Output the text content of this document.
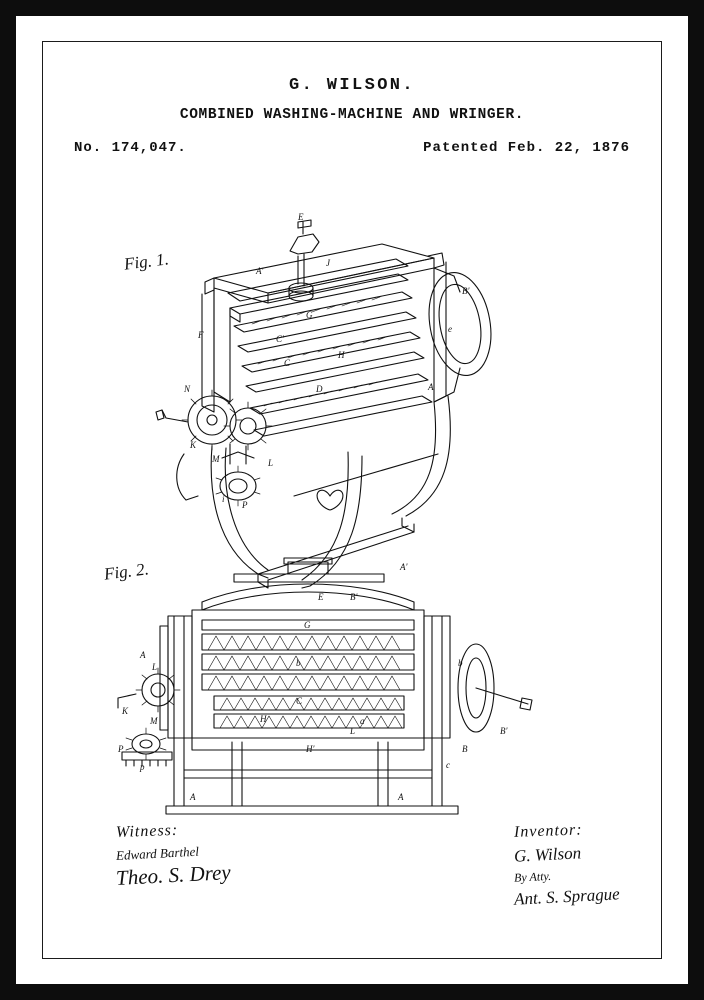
G. WILSON.
COMBINED WASHING-MACHINE AND WRINGER.
No. 174,047.	Patented Feb. 22, 1876
Fig. 1.
Fig. 2.
E
A'
J
G
C'
C
H
D
F
N
K
M
i
P
B'
e
A
L
A'
B'
E
G
b
C
H
L
a
H'
b
B'
B
c
A
L
K
M
P
p
A	A
Witness:
Edward Barthel
Theo. S. Drey
Inventor:
G. Wilson
By Atty.
Ant. S. Sprague
